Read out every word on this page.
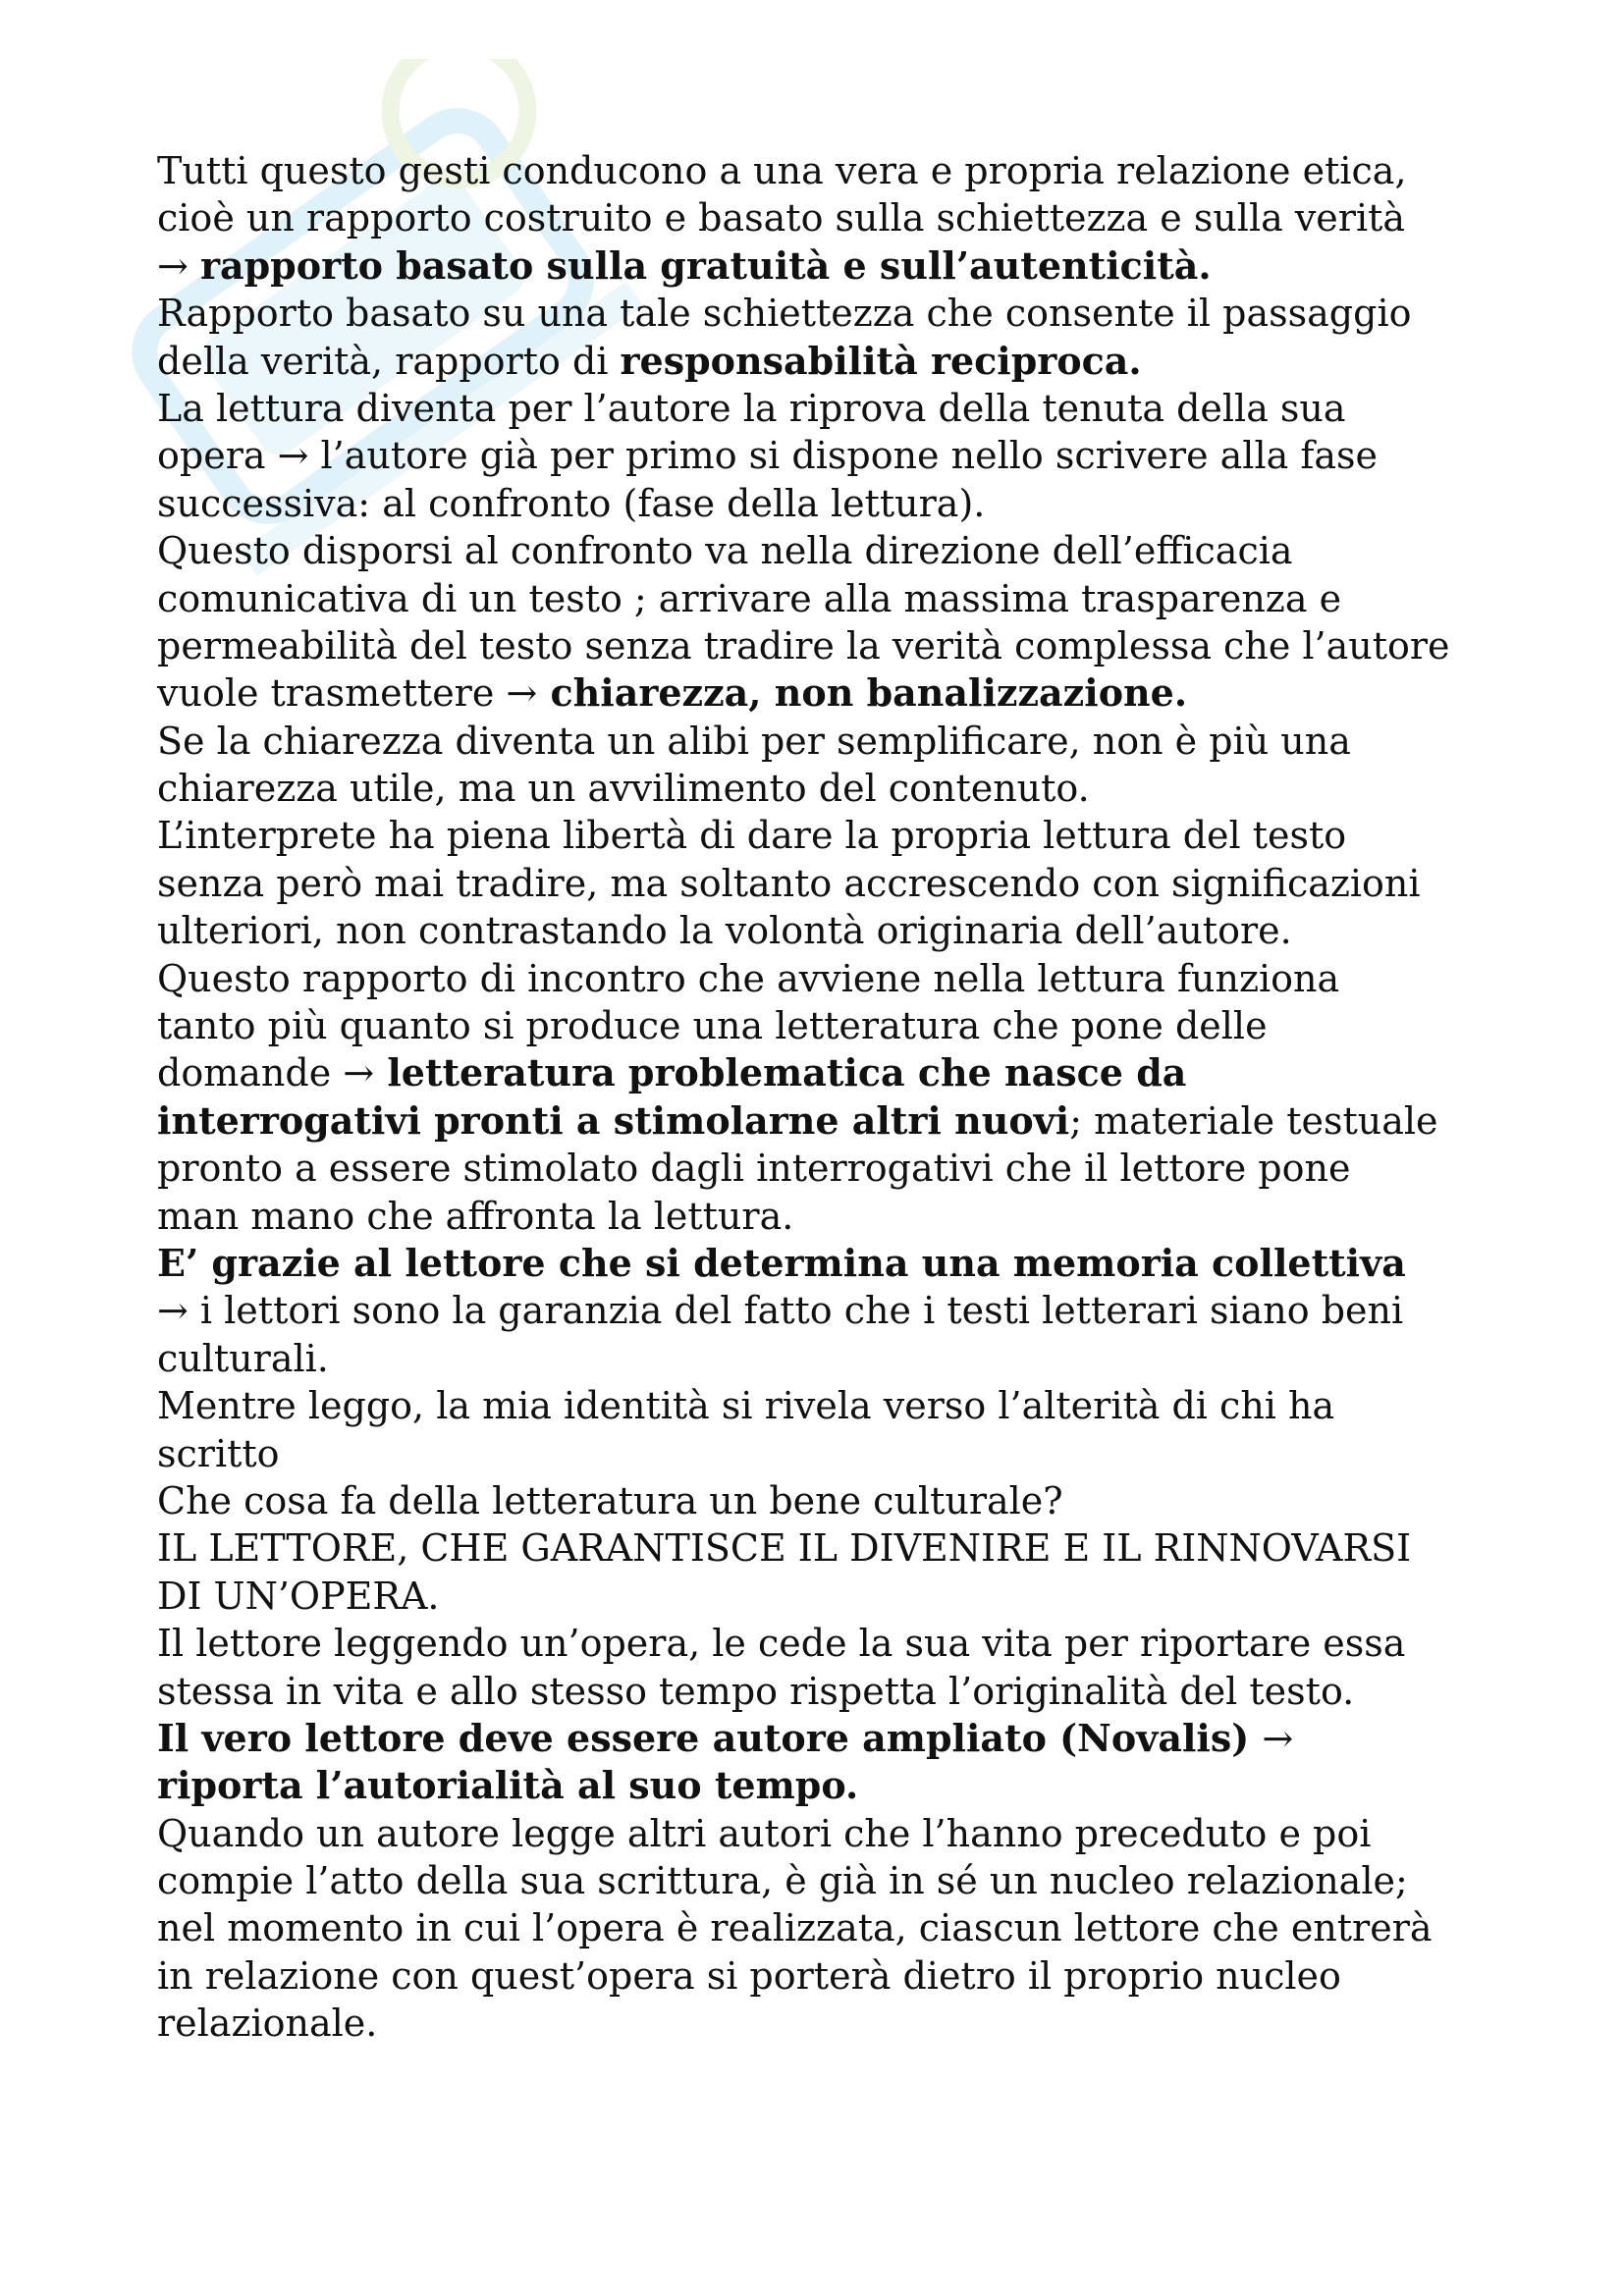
Tutti questo gesti conducono a una vera e propria relazione etica,
cioè un rapporto costruito e basato sulla schiettezza e sulla verità
→ rapporto basato sulla gratuità e sull’autenticità.
Rapporto basato su una tale schiettezza che consente il passaggio
della verità, rapporto di responsabilità reciproca.
La lettura diventa per l’autore la riprova della tenuta della sua
opera → l’autore già per primo si dispone nello scrivere alla fase
successiva: al confronto (fase della lettura).
Questo disporsi al confronto va nella direzione dell’efficacia
comunicativa di un testo ; arrivare alla massima trasparenza e
permeabilità del testo senza tradire la verità complessa che l’autore
vuole trasmettere → chiarezza, non banalizzazione.
Se la chiarezza diventa un alibi per semplificare, non è più una
chiarezza utile, ma un avvilimento del contenuto.
L’interprete ha piena libertà di dare la propria lettura del testo
senza però mai tradire, ma soltanto accrescendo con significazioni
ulteriori, non contrastando la volontà originaria dell’autore.
Questo rapporto di incontro che avviene nella lettura funziona
tanto più quanto si produce una letteratura che pone delle
domande → letteratura problematica che nasce da
interrogativi pronti a stimolarne altri nuovi; materiale testuale
pronto a essere stimolato dagli interrogativi che il lettore pone
man mano che affronta la lettura.
E’ grazie al lettore che si determina una memoria collettiva
→ i lettori sono la garanzia del fatto che i testi letterari siano beni
culturali.
Mentre leggo, la mia identità si rivela verso l’alterità di chi ha
scritto
Che cosa fa della letteratura un bene culturale?
IL LETTORE, CHE GARANTISCE IL DIVENIRE E IL RINNOVARSI
DI UN’OPERA.
Il lettore leggendo un’opera, le cede la sua vita per riportare essa
stessa in vita e allo stesso tempo rispetta l’originalità del testo.
Il vero lettore deve essere autore ampliato (Novalis) →
riporta l’autorialità al suo tempo.
Quando un autore legge altri autori che l’hanno preceduto e poi
compie l’atto della sua scrittura, è già in sé un nucleo relazionale;
nel momento in cui l’opera è realizzata, ciascun lettore che entrerà
in relazione con quest’opera si porterà dietro il proprio nucleo
relazionale.
